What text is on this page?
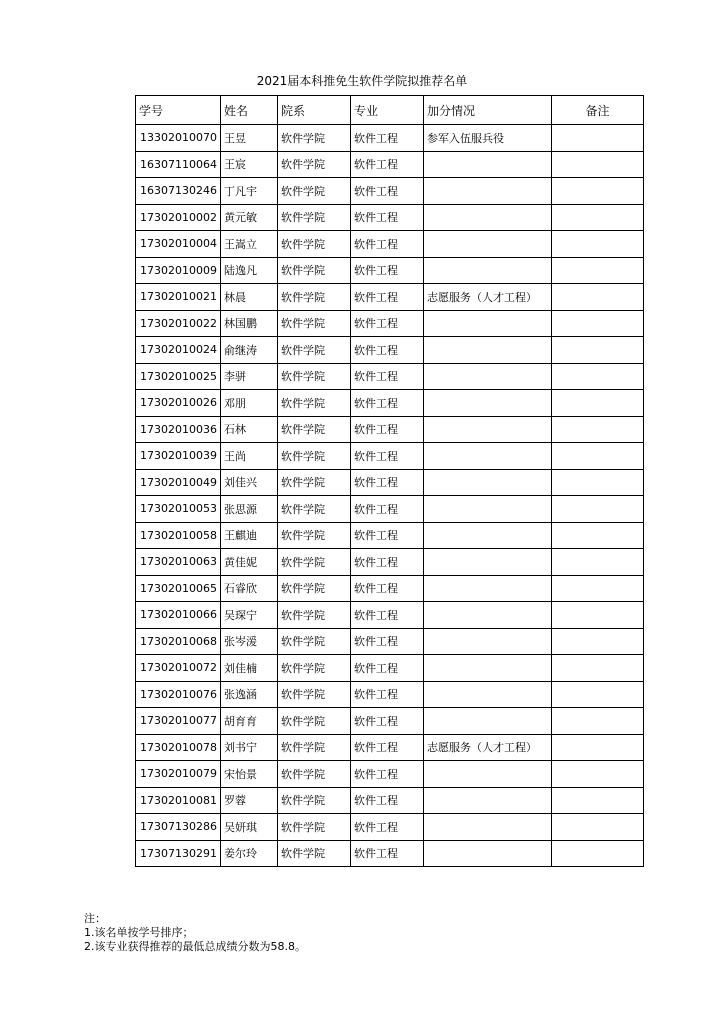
2021届本科推免生软件学院拟推荐名单
学号	姓名	院系	专业	加分情况	备注
13302010070	王昱	软件学院	软件工程	参军入伍服兵役	
16307110064	王宸	软件学院	软件工程		
16307130246	丁凡宇	软件学院	软件工程		
17302010002	黄元敏	软件学院	软件工程		
17302010004	王嵩立	软件学院	软件工程		
17302010009	陆逸凡	软件学院	软件工程		
17302010021	林晨	软件学院	软件工程	志愿服务（人才工程）	
17302010022	林国鹏	软件学院	软件工程		
17302010024	俞继涛	软件学院	软件工程		
17302010025	李骈	软件学院	软件工程		
17302010026	邓朋	软件学院	软件工程		
17302010036	石林	软件学院	软件工程		
17302010039	王尚	软件学院	软件工程		
17302010049	刘佳兴	软件学院	软件工程		
17302010053	张思源	软件学院	软件工程		
17302010058	王麒迪	软件学院	软件工程		
17302010063	黄佳妮	软件学院	软件工程		
17302010065	石睿欣	软件学院	软件工程		
17302010066	吴琛宁	软件学院	软件工程		
17302010068	张岑湲	软件学院	软件工程		
17302010072	刘佳楠	软件学院	软件工程		
17302010076	张逸涵	软件学院	软件工程		
17302010077	胡育育	软件学院	软件工程		
17302010078	刘书宁	软件学院	软件工程	志愿服务（人才工程）	
17302010079	宋怡景	软件学院	软件工程		
17302010081	罗蓉	软件学院	软件工程		
17307130286	吴妍琪	软件学院	软件工程		
17307130291	姜尔玲	软件学院	软件工程		
注：
1.该名单按学号排序；
2.该专业获得推荐的最低总成绩分数为58.8。
